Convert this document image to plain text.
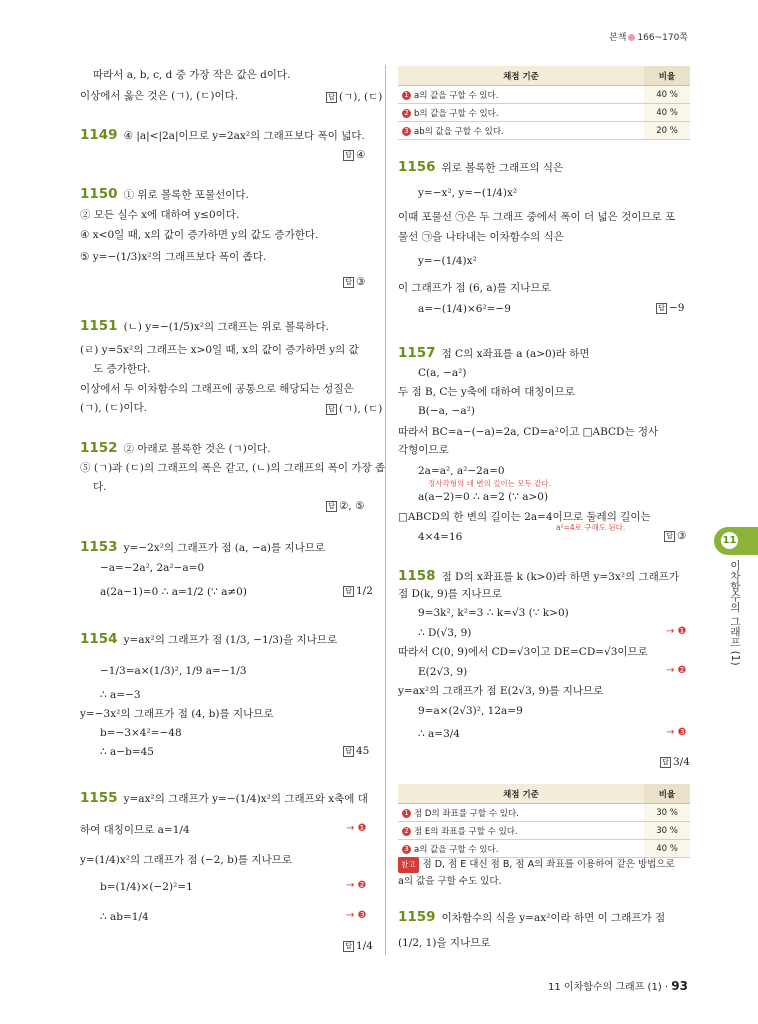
본책 166~170쪽
따라서 a, b, c, d 중 가장 작은 값은 d이다.
이상에서 옳은 것은 (ㄱ), (ㄷ)이다.	답 (ㄱ), (ㄷ)
1149 ④ |a|<|2a|이므로 y=2ax²의 그래프보다 폭이 넓다.
답 ④
1150 ① 위로 볼록한 포물선이다.
② 모든 실수 x에 대하여 y≤0이다.
④ x<0일 때, x의 값이 증가하면 y의 값도 증가한다.
⑤ y=−(1/3)x²의 그래프보다 폭이 좁다.
답 ③
1151 (ㄴ) y=−(1/5)x²의 그래프는 위로 볼록하다.
(ㄹ) y=5x²의 그래프는 x>0일 때, x의 값이 증가하면 y의 값
도 증가한다.
이상에서 두 이차함수의 그래프에 공통으로 해당되는 성질은
(ㄱ), (ㄷ)이다.	답 (ㄱ), (ㄷ)
1152 ② 아래로 볼록한 것은 (ㄱ)이다.
⑤ (ㄱ)과 (ㄷ)의 그래프의 폭은 같고, (ㄴ)의 그래프의 폭이 가장 좁
다.
답 ②, ⑤
1153 y=−2x²의 그래프가 점 (a, −a)를 지나므로
−a=−2a², 2a²−a=0
a(2a−1)=0 ∴ a=1/2 (∵ a≠0)	답 1/2
1154 y=ax²의 그래프가 점 (1/3, −1/3)을 지나므로
−1/3=a×(1/3)², 1/9 a=−1/3
∴ a=−3
y=−3x²의 그래프가 점 (4, b)를 지나므로
b=−3×4²=−48
∴ a−b=45	답 45
1155 y=ax²의 그래프가 y=−(1/4)x²의 그래프와 x축에 대
하여 대칭이므로 a=1/4	→ ❶
y=(1/4)x²의 그래프가 점 (−2, b)를 지나므로
b=(1/4)×(−2)²=1	→ ❷
∴ ab=1/4	→ ❸
답 1/4
채점 기준	비율
1 a의 값을 구할 수 있다.	40 %
2 b의 값을 구할 수 있다.	40 %
3 ab의 값을 구할 수 있다.	20 %
1156 위로 볼록한 그래프의 식은
y=−x², y=−(1/4)x²
이때 포물선 ㉠은 두 그래프 중에서 폭이 더 넓은 것이므로 포
물선 ㉠을 나타내는 이차함수의 식은
y=−(1/4)x²
이 그래프가 점 (6, a)를 지나므로
a=−(1/4)×6²=−9	답 −9
1157 점 C의 x좌표를 a (a>0)라 하면
C(a, −a²)
두 점 B, C는 y축에 대하여 대칭이므로
B(−a, −a²)
따라서 BC=a−(−a)=2a, CD=a²이고 □ABCD는 정사
각형이므로
2a=a², a²−2a=0
정사각형의 네 변의 길이는 모두 같다.
a(a−2)=0 ∴ a=2 (∵ a>0)
□ABCD의 한 변의 길이는 2a=4이므로 둘레의 길이는
a²=4로 구해도 된다.
4×4=16	답 ③
1158 점 D의 x좌표를 k (k>0)라 하면 y=3x²의 그래프가
점 D(k, 9)를 지나므로
9=3k², k²=3 ∴ k=√3 (∵ k>0)
∴ D(√3, 9)	→ ❶
따라서 C(0, 9)에서 CD=√3이고 DE=CD=√3이므로
E(2√3, 9)	→ ❷
y=ax²의 그래프가 점 E(2√3, 9)를 지나므로
9=a×(2√3)², 12a=9
∴ a=3/4	→ ❸
답 3/4
채점 기준	비율
1 점 D의 좌표를 구할 수 있다.	30 %
2 점 E의 좌표를 구할 수 있다.	30 %
3 a의 값을 구할 수 있다.	40 %
참고 점 D, 점 E 대신 점 B, 점 A의 좌표를 이용하여 같은 방법으로
a의 값을 구할 수도 있다.
1159 이차함수의 식을 y=ax²이라 하면 이 그래프가 점
(1/2, 1)을 지나므로
11
이차함수의 그래프 (1)
11 이차함수의 그래프 (1) · 93
